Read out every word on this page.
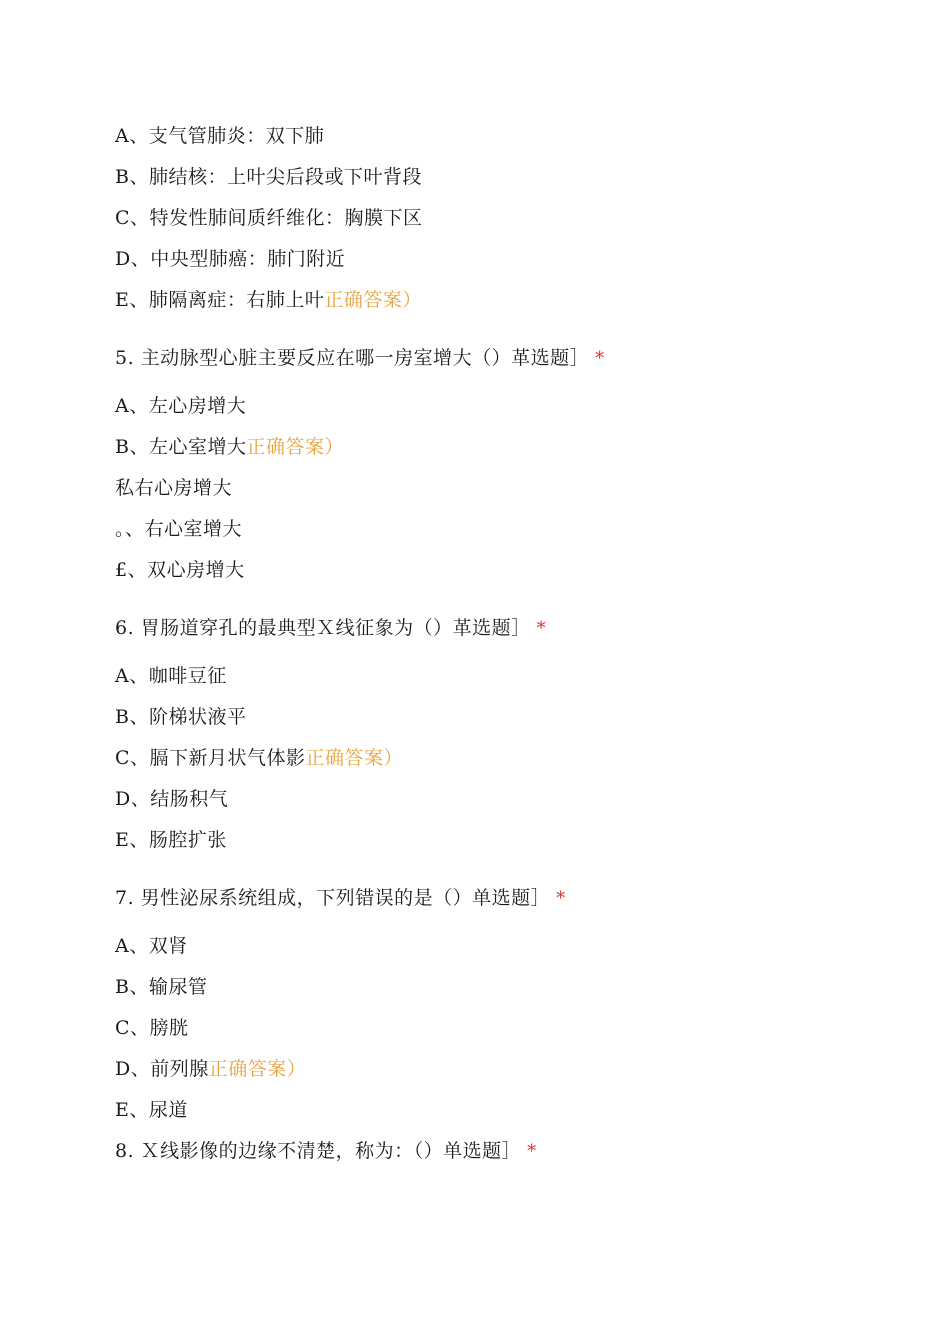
A、支气管肺炎：双下肺
B、肺结核：上叶尖后段或下叶背段
C、特发性肺间质纤维化：胸膜下区
D、中央型肺癌：肺门附近
E、肺隔离症：右肺上叶正确答案）
5. 主动脉型心脏主要反应在哪一房室增大（）革选题］ *
A、左心房增大
B、左心室增大正确答案）
私右心房增大
。、右心室增大
£、双心房增大
6. 胃肠道穿孔的最典型Ｘ线征象为（）革选题］ *
A、咖啡豆征
B、阶梯状液平
C、膈下新月状气体影正确答案）
D、结肠积气
E、肠腔扩张
7. 男性泌尿系统组成，下列错误的是（）单选题］ *
A、双肾
B、输尿管
C、膀胱
D、前列腺正确答案）
E、尿道
8. Ｘ线影像的边缘不清楚，称为：（）单选题］ *
